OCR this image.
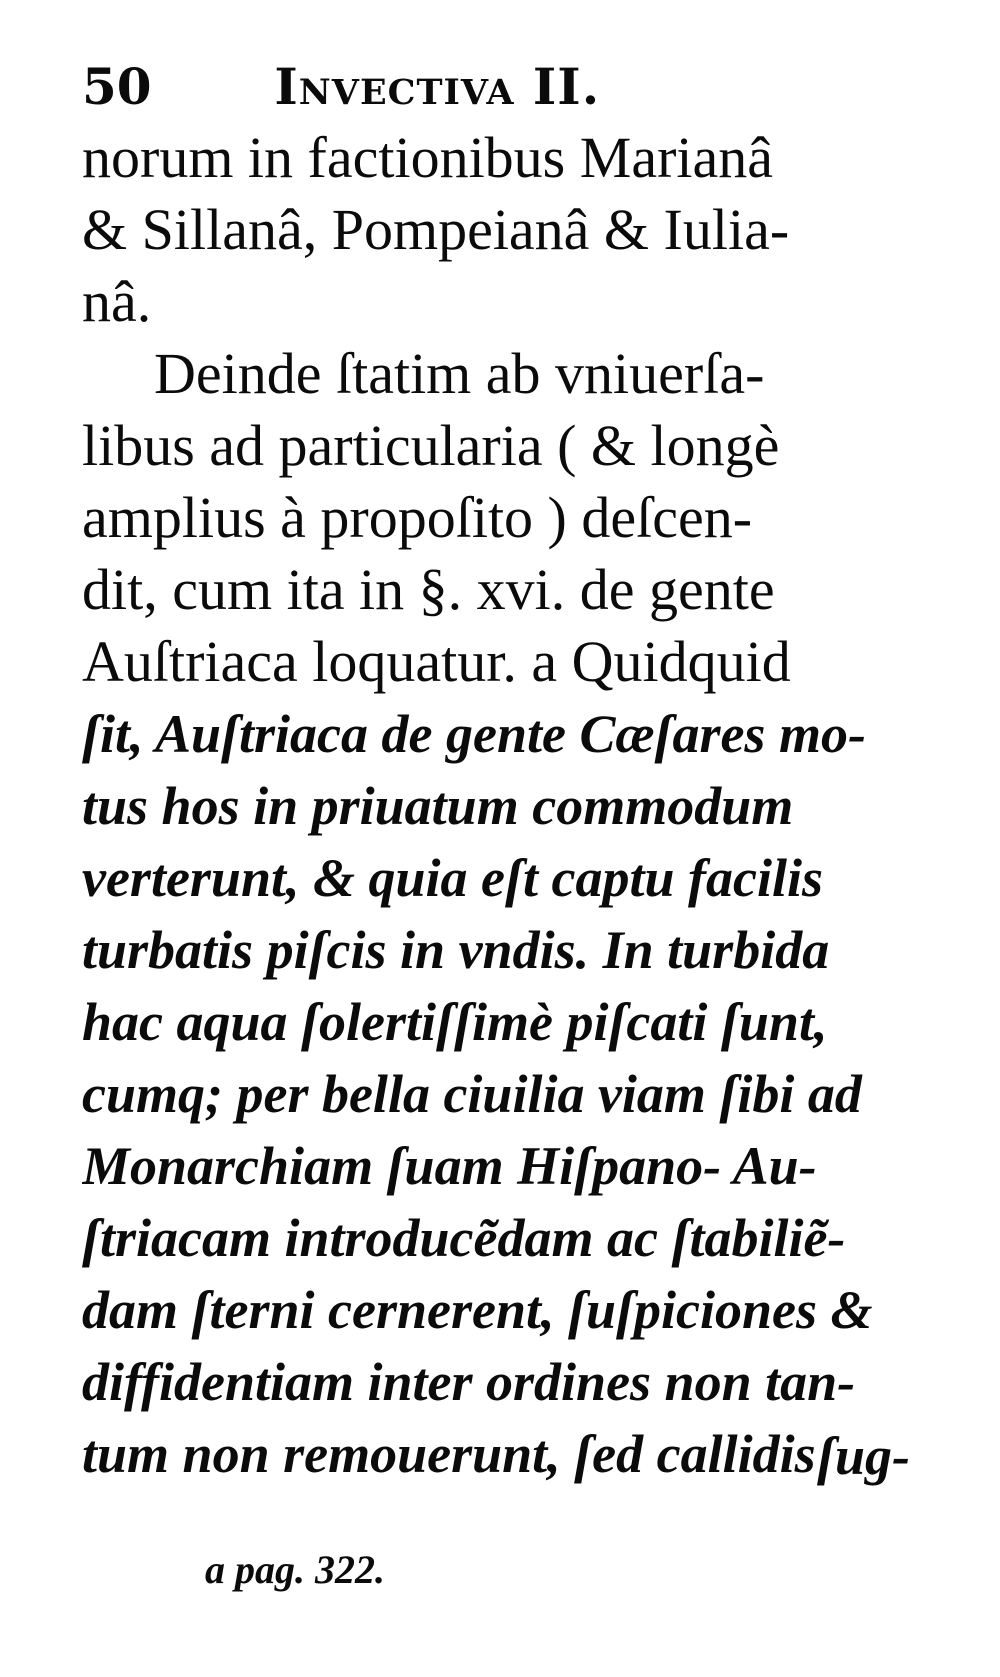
50 Invectiva II.
norum in factionibus Marianâ
& Sillanâ, Pompeianâ & Iulia-
nâ.
Deinde ſtatim ab vniuerſa-
libus ad particularia ( & longè
amplius à propoſito ) deſcen-
dit, cum ita in §. xvi. de gente
Auſtriaca loquatur. a Quidquid
ſit, Auſtriaca de gente Cæſares mo-
tus hos in priuatum commodum
verterunt, & quia eſt captu facilis
turbatis piſcis in vndis. In turbida
hac aqua ſolertiſſimè piſcati ſunt,
cumq; per bella ciuilia viam ſibi ad
Monarchiam ſuam Hiſpano- Au-
ſtriacam introducẽdam ac ſtabiliẽ-
dam ſterni cernerent, ſuſpiciones &
diffidentiam inter ordines non tan-
tum non remouerunt, ſed callidis ſug-
a pag. 322.
